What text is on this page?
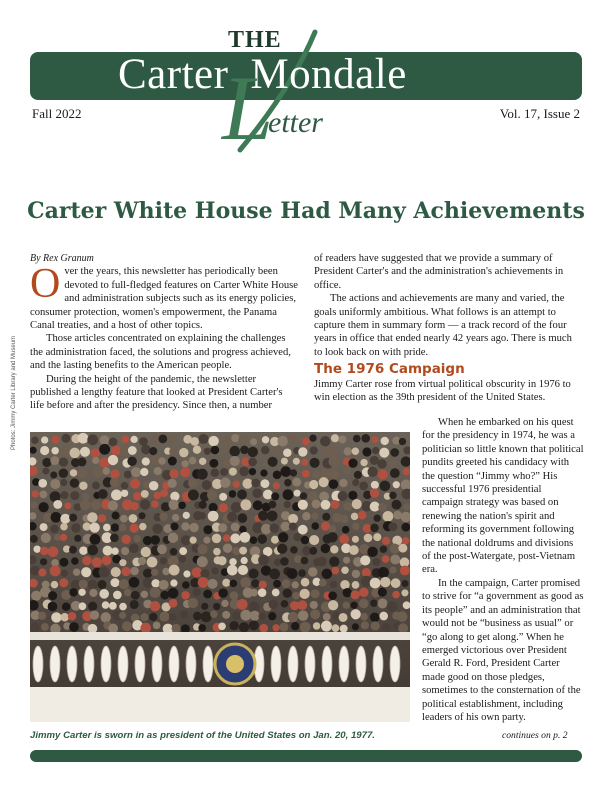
THE
Carter Mondale
L
etter
Fall 2022	Vol. 17, Issue 2
Carter White House Had Many Achievements

By Rex Granum

Over the years, this newsletter has periodically been devoted to full-fledged features on Carter White House and administration subjects such as its energy policies, consumer protection, women's empowerment, the Panama Canal treaties, and a host of other topics.

Those articles concentrated on explaining the challenges the administration faced, the solutions and progress achieved, and the lasting benefits to the American people.

During the height of the pandemic, the newsletter published a lengthy feature that looked at President Carter's life before and after the presidency. Since then, a number

of readers have suggested that we provide a summary of President Carter's and the administration's achievements in office.

The actions and achievements are many and varied, the goals uniformly ambitious. What follows is an attempt to capture them in summary form — a track record of the four years in office that ended nearly 42 years ago. There is much to look back on with pride.

The 1976 Campaign

Jimmy Carter rose from virtual political obscurity in 1976 to win election as the 39th president of the United States.

When he embarked on his quest for the presidency in 1974, he was a politician so little known that political pundits greeted his candidacy with the question “Jimmy who?” His successful 1976 presidential campaign strategy was based on renewing the nation's spirit and reforming its government following the national doldrums and divisions of the post-Watergate, post-Vietnam era.

In the campaign, Carter promised to strive for “a government as good as its people” and an administration that would not be “business as usual” or “go along to get along.” When he emerged victorious over President Gerald R. Ford, President Carter made good on those pledges, sometimes to the consternation of the political establishment, including leaders of his own party.

Photos: Jimmy Carter Library and Museum
Jimmy Carter is sworn in as president of the United States on Jan. 20, 1977.	continues on p. 2
